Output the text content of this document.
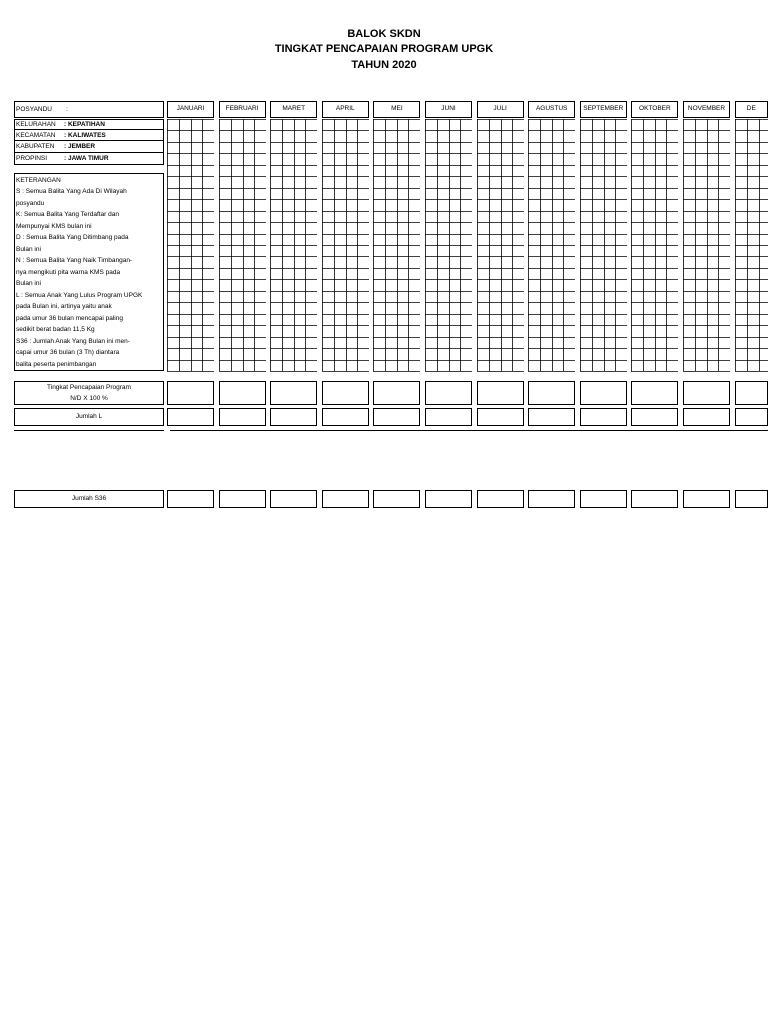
BALOK SKDN
TINGKAT PENCAPAIAN PROGRAM UPGK
TAHUN 2020
POSYANDU :
KELURAHAN : KEPATIHAN
KECAMATAN : KALIWATES
KABUPATEN : JEMBER
PROPINSI	: JAWA TIMUR
KETERANGAN
S : Semua Balita Yang Ada Di Wilayah
posyandu
K: Semua Balita Yang Terdaftar dan
Mempunyai KMS bulan ini
D : Semua Balita Yang Ditimbang pada
Bulan ini
N : Semua Balita Yang Naik Timbangan-
nya mengikuti pita warna KMS pada
Bulan ini
L : Semua Anak Yang Lulus Program UPGK
pada Bulan ini, artinya yaitu anak
pada umur 36 bulan mencapai paling
sedikit berat badan 11,5 Kg
S36 : Jumlah Anak Yang Bulan ini men-
capai umur 36 bulan (3 Th) diantara
balita peserta penimbangan
JANUARI	FEBRUARI	MARET	APRIL	MEI	JUNI	JULI	AGUSTUS	SEPTEMBER	OKTOBER	NOVEMBER	DE
Tingkat Pencapaian Program
N/D X 100 %
Jumlah L
Jumlah S36
